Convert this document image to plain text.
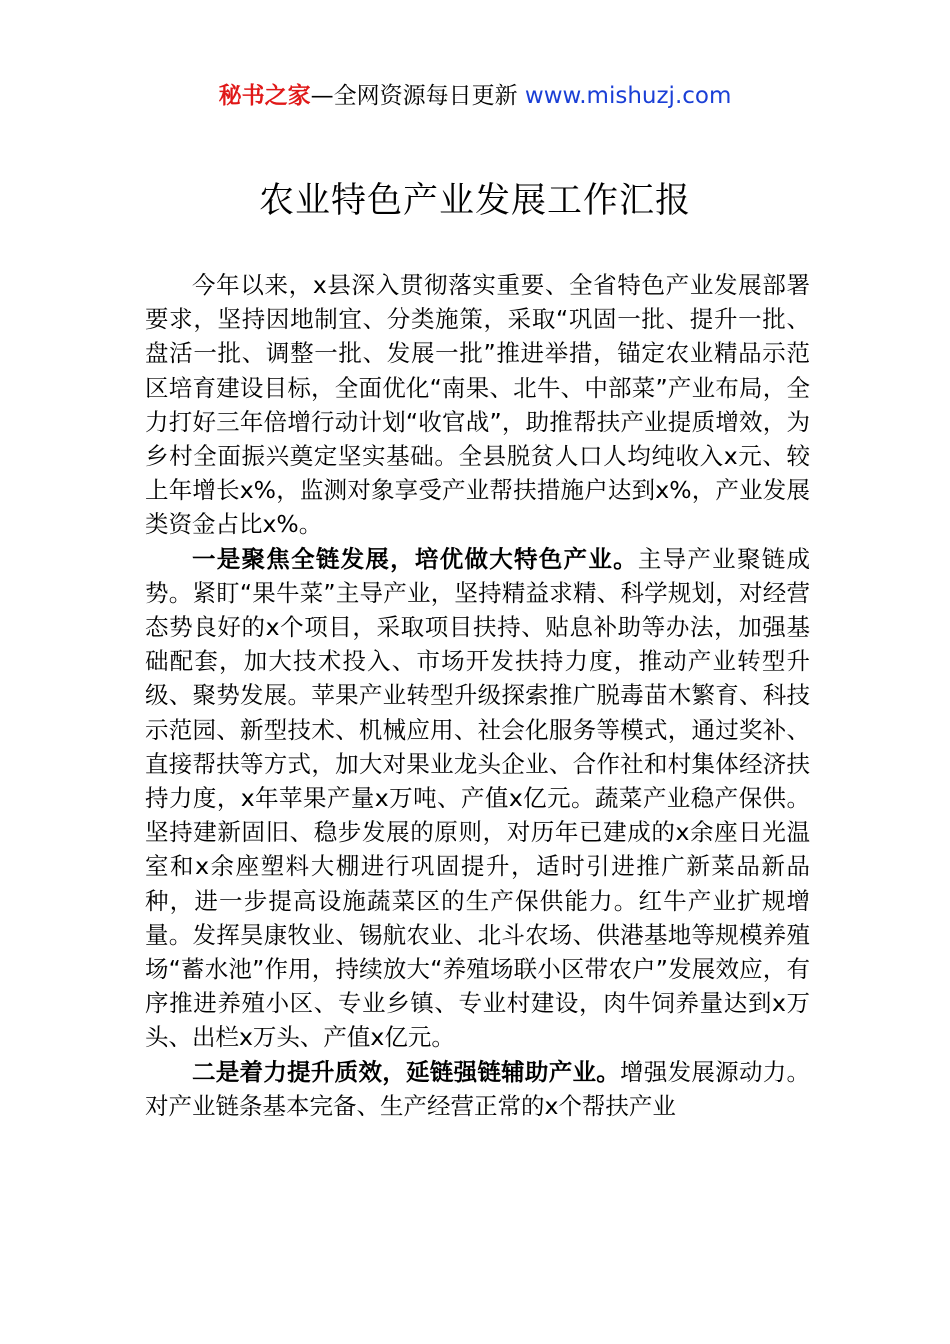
秘书之家—全网资源每日更新 www.mishuzj.com
农业特色产业发展工作汇报

今年以来，x县深入贯彻落实重要、全省特色产业发展部署要求，坚持因地制宜、分类施策，采取“巩固一批、提升一批、盘活一批、调整一批、发展一批”推进举措，锚定农业精品示范区培育建设目标，全面优化“南果、北牛、中部菜”产业布局，全力打好三年倍增行动计划“收官战”，助推帮扶产业提质增效，为乡村全面振兴奠定坚实基础。全县脱贫人口人均纯收入x元、较上年增长x%，监测对象享受产业帮扶措施户达到x%，产业发展类资金占比x%。

一是聚焦全链发展，培优做大特色产业。主导产业聚链成势。紧盯“果牛菜”主导产业，坚持精益求精、科学规划，对经营态势良好的x个项目，采取项目扶持、贴息补助等办法，加强基础配套，加大技术投入、市场开发扶持力度，推动产业转型升级、聚势发展。苹果产业转型升级探索推广脱毒苗木繁育、科技示范园、新型技术、机械应用、社会化服务等模式，通过奖补、直接帮扶等方式，加大对果业龙头企业、合作社和村集体经济扶持力度，x年苹果产量x万吨、产值x亿元。蔬菜产业稳产保供。坚持建新固旧、稳步发展的原则，对历年已建成的x余座日光温室和x余座塑料大棚进行巩固提升，适时引进推广新菜品新品种，进一步提高设施蔬菜区的生产保供能力。红牛产业扩规增量。发挥昊康牧业、锡航农业、北斗农场、供港基地等规模养殖场“蓄水池”作用，持续放大“养殖场联小区带农户”发展效应，有序推进养殖小区、专业乡镇、专业村建设，肉牛饲养量达到x万头、出栏x万头、产值x亿元。

二是着力提升质效，延链强链辅助产业。增强发展源动力。对产业链条基本完备、生产经营正常的x个帮扶产业
